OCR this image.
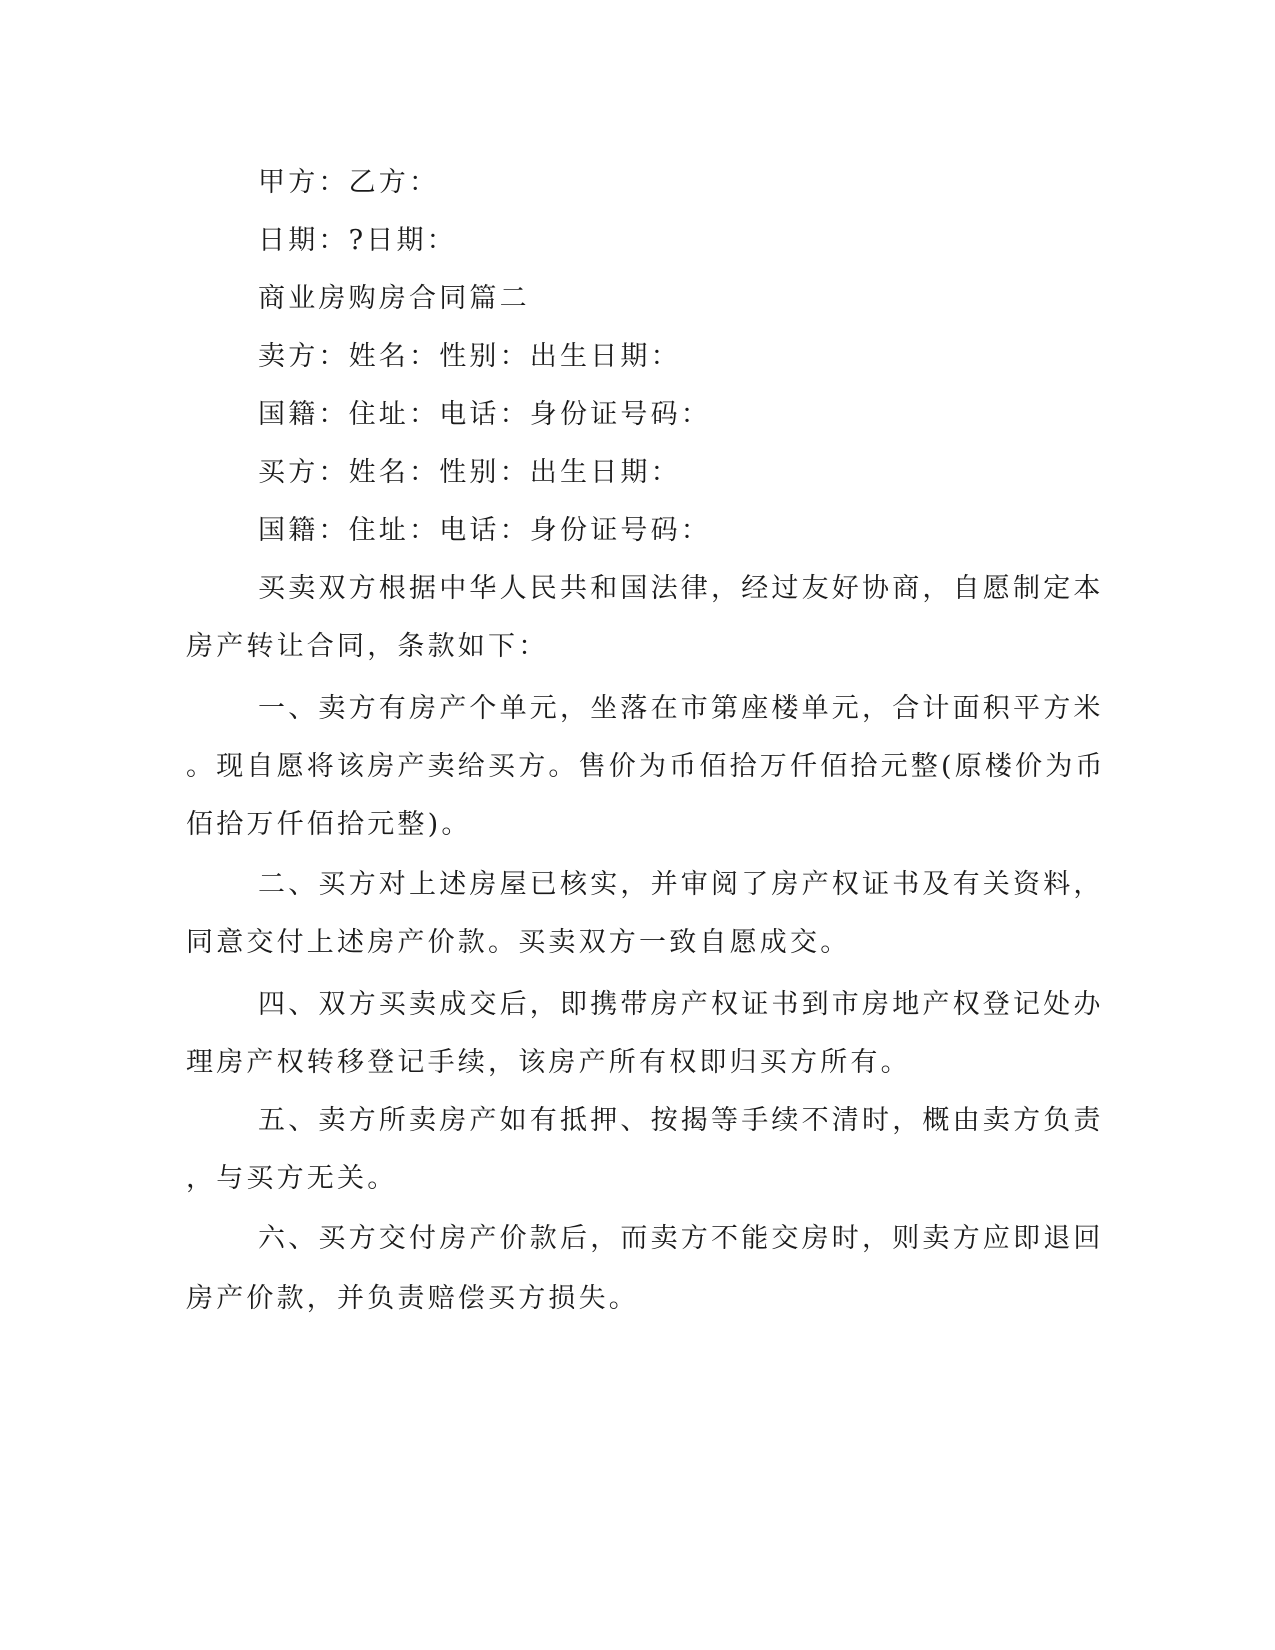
甲方：乙方：
日期：?日期：
商业房购房合同篇二
卖方：姓名：性别：出生日期：
国籍：住址：电话：身份证号码：
买方：姓名：性别：出生日期：
国籍：住址：电话：身份证号码：
买卖双方根据中华人民共和国法律，经过友好协商，自愿制定本
房产转让合同，条款如下：
一、卖方有房产个单元，坐落在市第座楼单元，合计面积平方米
。现自愿将该房产卖给买方。售价为币佰拾万仟佰拾元整(原楼价为币
佰拾万仟佰拾元整)。
二、买方对上述房屋已核实，并审阅了房产权证书及有关资料，
同意交付上述房产价款。买卖双方一致自愿成交。
四、双方买卖成交后，即携带房产权证书到市房地产权登记处办
理房产权转移登记手续，该房产所有权即归买方所有。
五、卖方所卖房产如有抵押、按揭等手续不清时，概由卖方负责
，与买方无关。
六、买方交付房产价款后，而卖方不能交房时，则卖方应即退回
房产价款，并负责赔偿买方损失。
